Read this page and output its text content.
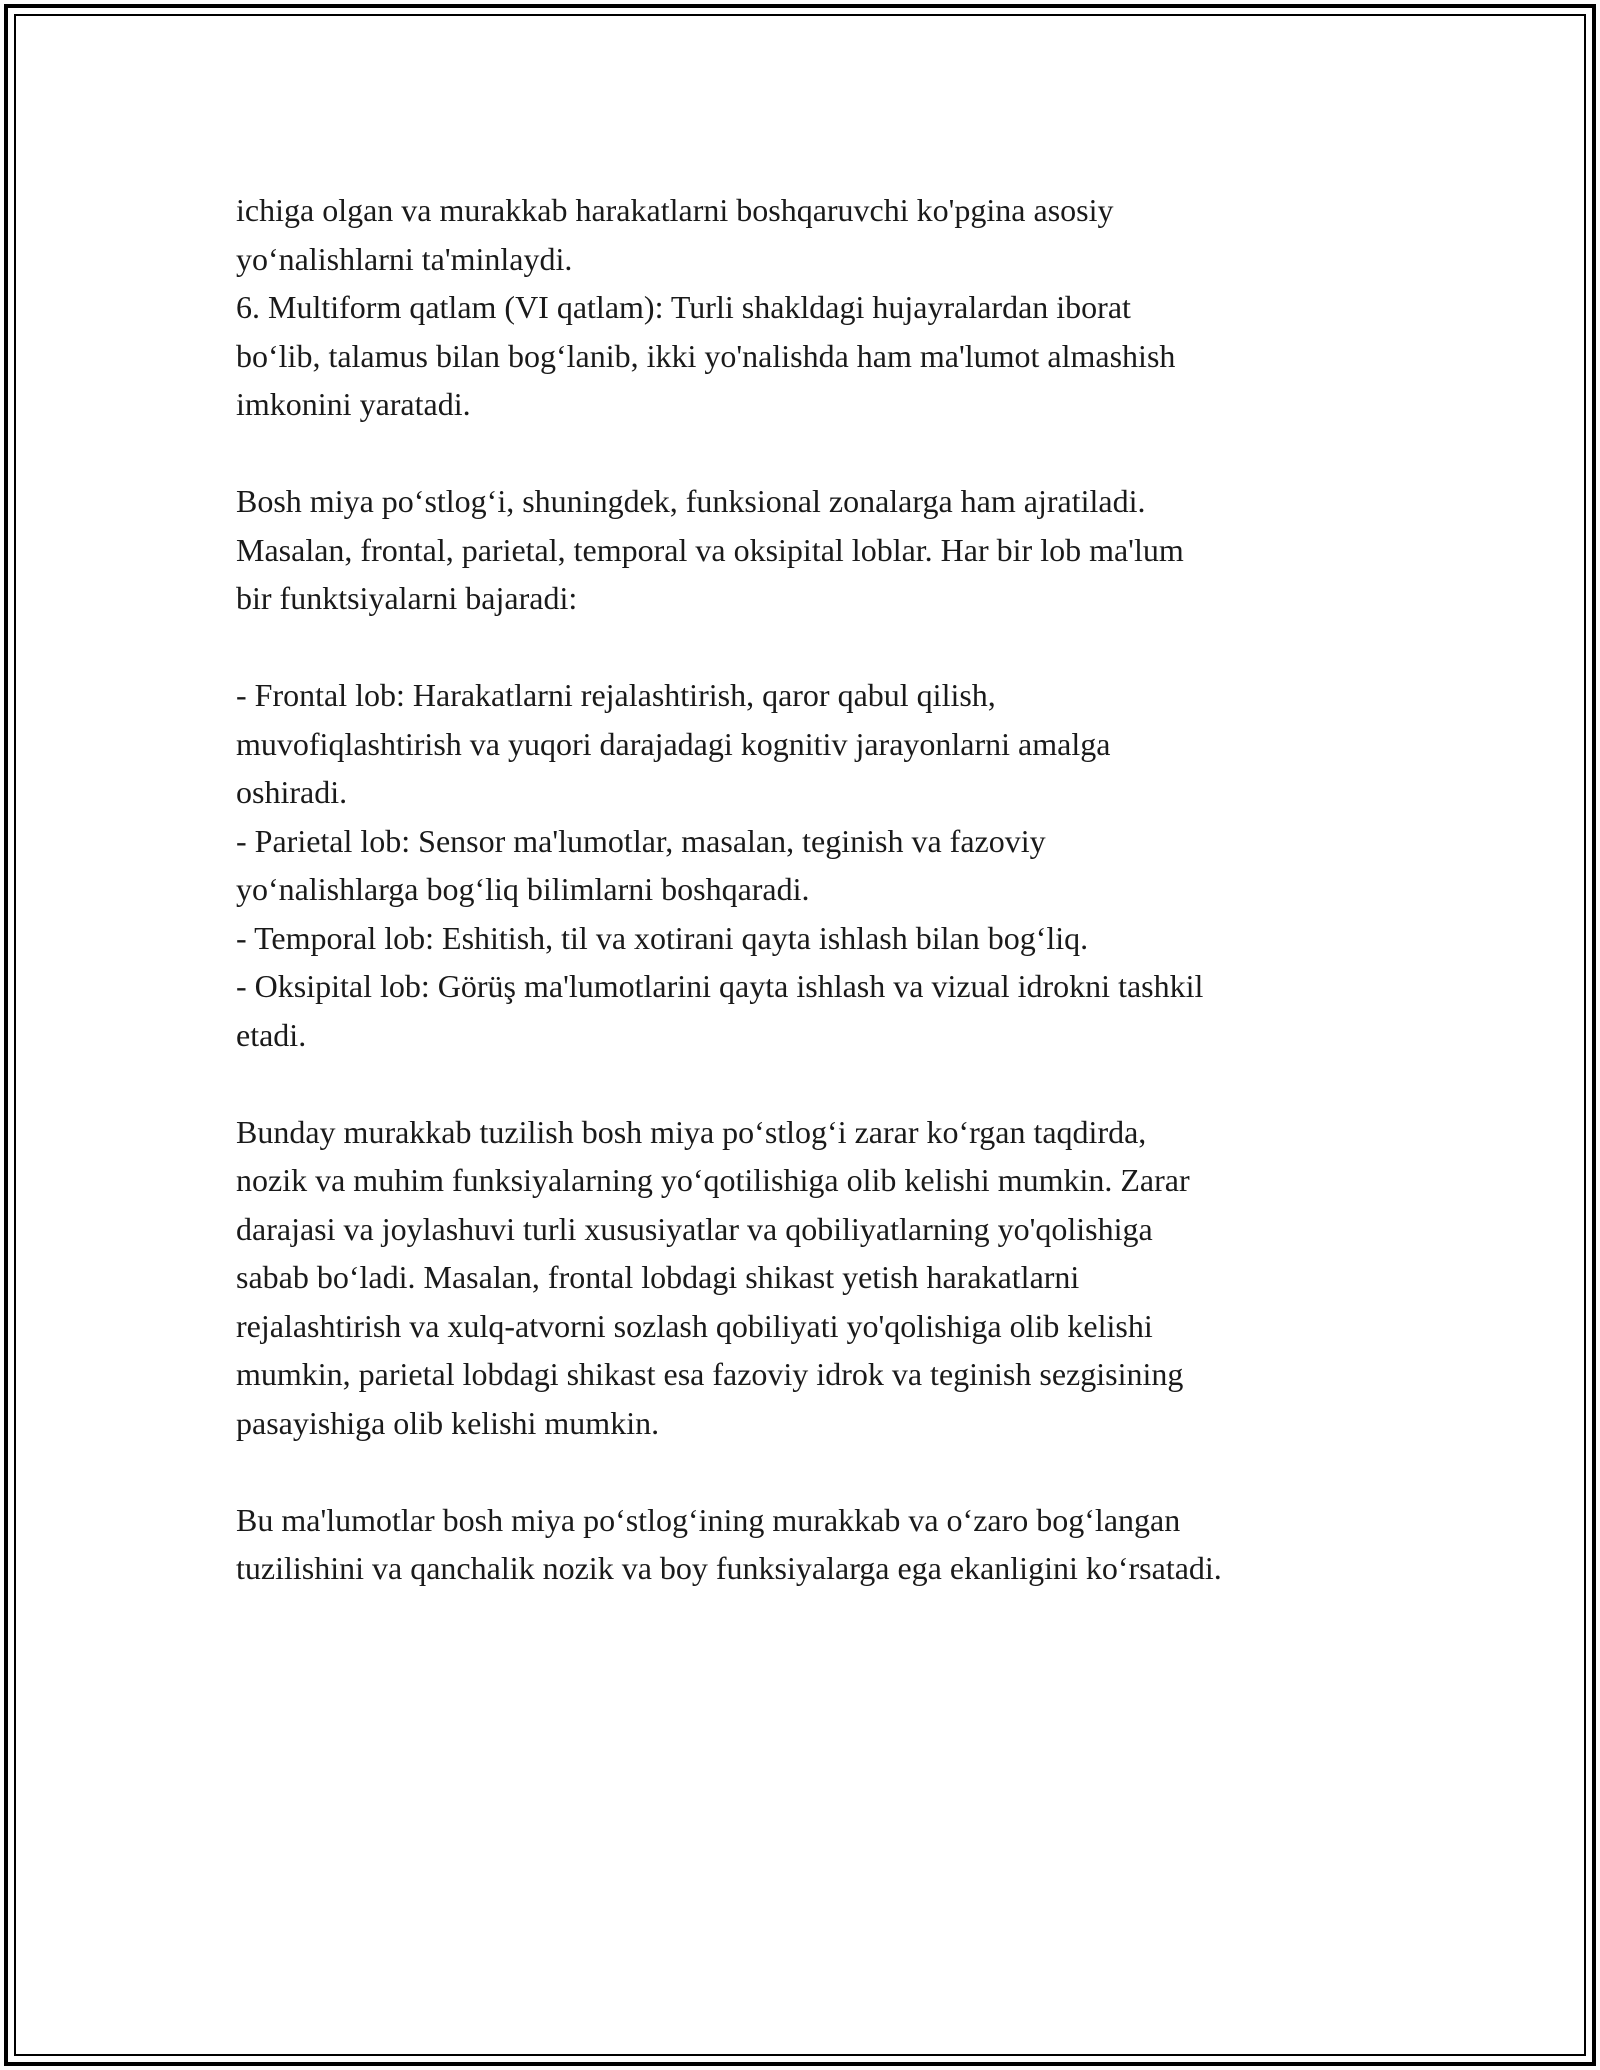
ichiga olgan va murakkab harakatlarni boshqaruvchi ko'pgina asosiy
yo‘nalishlarni ta'minlaydi.
6. Multiform qatlam (VI qatlam): Turli shakldagi hujayralardan iborat
bo‘lib, talamus bilan bog‘lanib, ikki yo'nalishda ham ma'lumot almashish
imkonini yaratadi.
Bosh miya po‘stlog‘i, shuningdek, funksional zonalarga ham ajratiladi.
Masalan, frontal, parietal, temporal va oksipital loblar. Har bir lob ma'lum
bir funktsiyalarni bajaradi:
- Frontal lob: Harakatlarni rejalashtirish, qaror qabul qilish,
muvofiqlashtirish va yuqori darajadagi kognitiv jarayonlarni amalga
oshiradi.
- Parietal lob: Sensor ma'lumotlar, masalan, teginish va fazoviy
yo‘nalishlarga bog‘liq bilimlarni boshqaradi.
- Temporal lob: Eshitish, til va xotirani qayta ishlash bilan bog‘liq.
- Oksipital lob: Görüş ma'lumotlarini qayta ishlash va vizual idrokni tashkil
etadi.
Bunday murakkab tuzilish bosh miya po‘stlog‘i zarar ko‘rgan taqdirda,
nozik va muhim funksiyalarning yo‘qotilishiga olib kelishi mumkin. Zarar
darajasi va joylashuvi turli xususiyatlar va qobiliyatlarning yo'qolishiga
sabab bo‘ladi. Masalan, frontal lobdagi shikast yetish harakatlarni
rejalashtirish va xulq-atvorni sozlash qobiliyati yo'qolishiga olib kelishi
mumkin, parietal lobdagi shikast esa fazoviy idrok va teginish sezgisining
pasayishiga olib kelishi mumkin.
Bu ma'lumotlar bosh miya po‘stlog‘ining murakkab va o‘zaro bog‘langan
tuzilishini va qanchalik nozik va boy funksiyalarga ega ekanligini ko‘rsatadi.
